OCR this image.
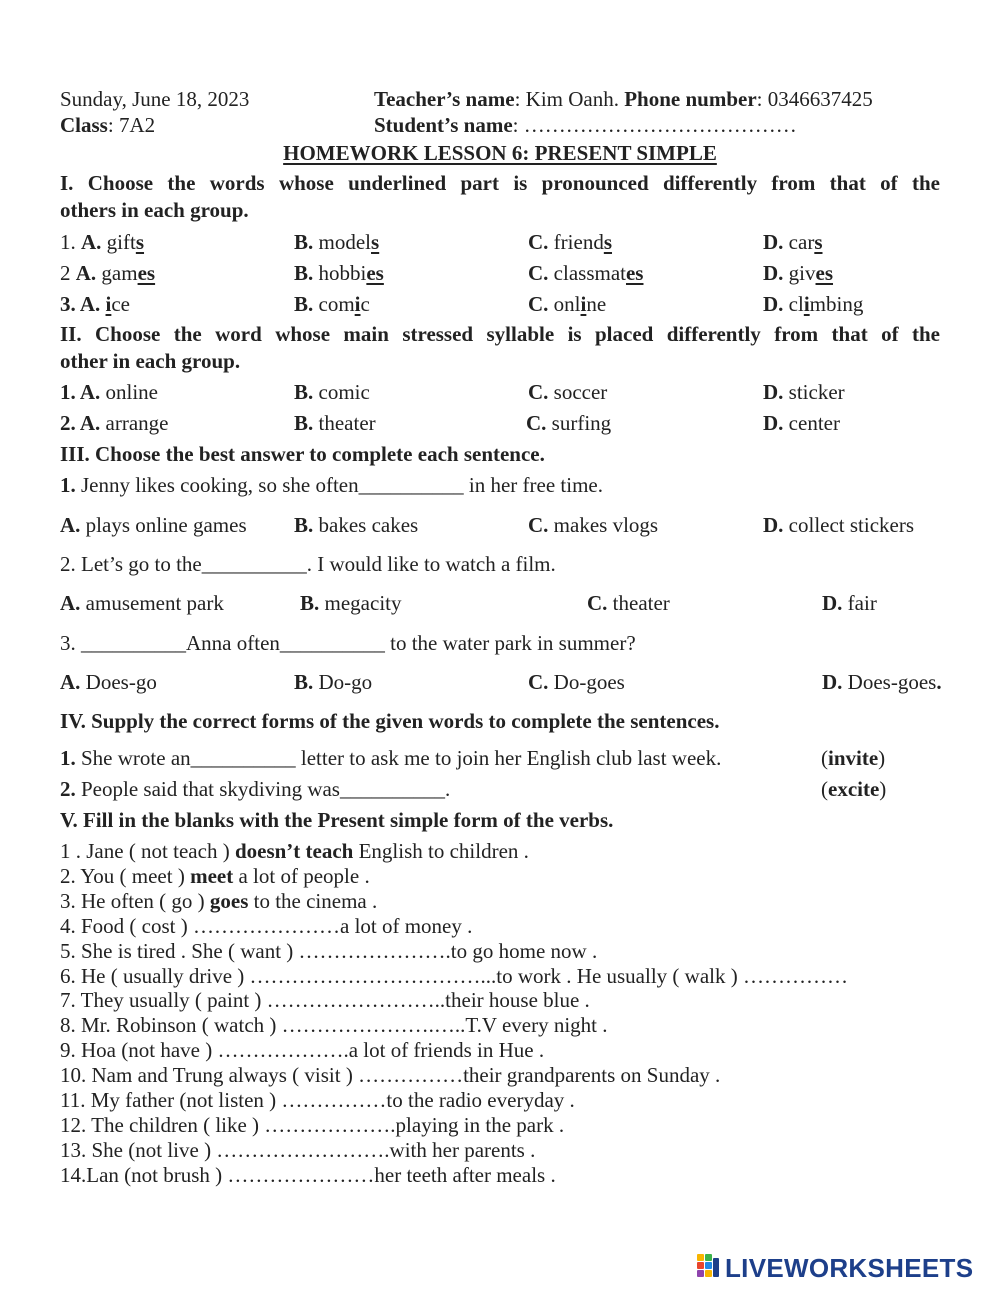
Sunday, June 18, 2023	Teacher’s name: Kim Oanh. Phone number: 0346637425
Class: 7A2	Student’s name: …………………………………
HOMEWORK LESSON 6: PRESENT SIMPLE
I. Choose the words whose underlined part is pronounced differently from that of the
others in each group.
1. A. gifts	B. models	C. friends	D. cars
2 A. games	B. hobbies	C. classmates	D. gives
3. A. ice	B. comic	C. online	D. climbing
II. Choose the word whose main stressed syllable is placed differently from that of the
other in each group.
1. A. online	B. comic	C. soccer	D. sticker
2. A. arrange	B. theater	C. surfing	D. center
III. Choose the best answer to complete each sentence.
1. Jenny likes cooking, so she often__________ in her free time.
A. plays online games B. bakes cakes	C. makes vlogs	D. collect stickers
2. Let’s go to the__________. I would like to watch a film.
A. amusement park	B. megacity	C. theater	D. fair
3. __________Anna often__________ to the water park in summer?
A. Does-go	B. Do-go	C. Do-goes	D. Does-goes.
IV. Supply the correct forms of the given words to complete the sentences.
1. She wrote an__________ letter to ask me to join her English club last week.	(invite)
2. People said that skydiving was__________.	(excite)
V. Fill in the blanks with the Present simple form of the verbs.
1 . Jane ( not teach ) doesn’t teach English to children .
2. You ( meet ) meet a lot of people .
3. He often ( go ) goes to the cinema .
4. Food ( cost ) …………………a lot of money .
5. She is tired . She ( want ) ………………….to go home now .
6. He ( usually drive ) ……………………………...to work . He usually ( walk ) ……………
7. They usually ( paint ) ……………………..their house blue .
8. Mr. Robinson ( watch ) ………………….…..T.V every night .
9. Hoa (not have ) ……………….a lot of friends in Hue .
10. Nam and Trung always ( visit ) ……………their grandparents on Sunday .
11. My father (not listen ) ……………to the radio everyday .
12. The children ( like ) ……………….playing in the park .
13. She (not live ) …………………….with her parents .
14.Lan (not brush ) …………………her teeth after meals .
LIVEWORKSHEETS
